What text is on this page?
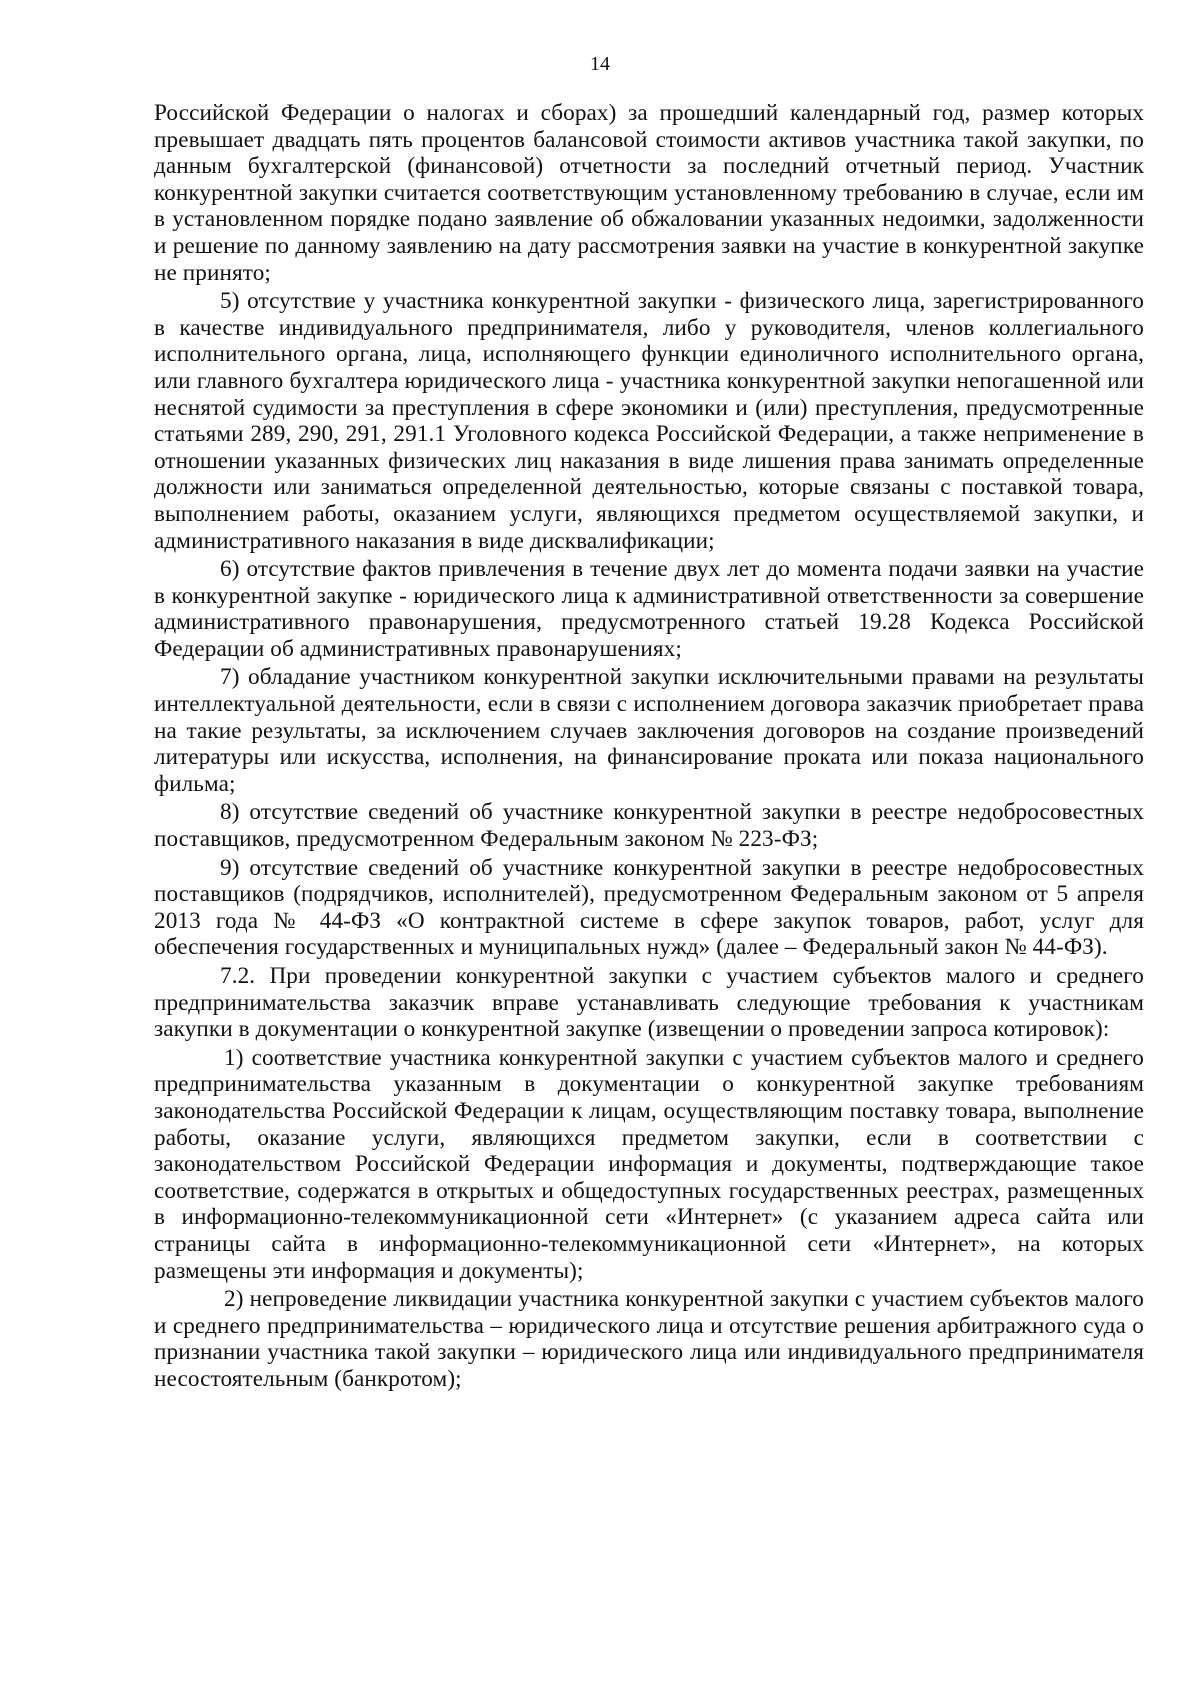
14

Российской Федерации о налогах и сборах) за прошедший календарный год, размер которых превышает двадцать пять процентов балансовой стоимости активов участника такой закупки, по данным бухгалтерской (финансовой) отчетности за последний отчетный период. Участник конкурентной закупки считается соответствующим установленному требованию в случае, если им в установленном порядке подано заявление об обжаловании указанных недоимки, задолженности и решение по данному заявлению на дату рассмотрения заявки на участие в конкурентной закупке не принято;

5) отсутствие у участника конкурентной закупки - физического лица, зарегистрированного в качестве индивидуального предпринимателя, либо у руководителя, членов коллегиального исполнительного органа, лица, исполняющего функции единоличного исполнительного органа, или главного бухгалтера юридического лица - участника конкурентной закупки непогашенной или неснятой судимости за преступления в сфере экономики и (или) преступления, предусмотренные статьями 289, 290, 291, 291.1 Уголовного кодекса Российской Федерации, а также неприменение в отношении указанных физических лиц наказания в виде лишения права занимать определенные должности или заниматься определенной деятельностью, которые связаны с поставкой товара, выполнением работы, оказанием услуги, являющихся предметом осуществляемой закупки, и административного наказания в виде дисквалификации;

6) отсутствие фактов привлечения в течение двух лет до момента подачи заявки на участие в конкурентной закупке - юридического лица к административной ответственности за совершение административного правонарушения, предусмотренного статьей 19.28 Кодекса Российской Федерации об административных правонарушениях;

7) обладание участником конкурентной закупки исключительными правами на результаты интеллектуальной деятельности, если в связи с исполнением договора заказчик приобретает права на такие результаты, за исключением случаев заключения договоров на создание произведений литературы или искусства, исполнения, на финансирование проката или показа национального фильма;

8) отсутствие сведений об участнике конкурентной закупки в реестре недобросовестных поставщиков, предусмотренном Федеральным законом № 223-ФЗ;

9) отсутствие сведений об участнике конкурентной закупки в реестре недобросовестных поставщиков (подрядчиков, исполнителей), предусмотренном Федеральным законом от 5 апреля 2013 года № 44-ФЗ «О контрактной системе в сфере закупок товаров, работ, услуг для обеспечения государственных и муниципальных нужд» (далее – Федеральный закон № 44-ФЗ).

7.2. При проведении конкурентной закупки с участием субъектов малого и среднего предпринимательства заказчик вправе устанавливать следующие требования к участникам закупки в документации о конкурентной закупке (извещении о проведении запроса котировок):

1) соответствие участника конкурентной закупки с участием субъектов малого и среднего предпринимательства указанным в документации о конкурентной закупке требованиям законодательства Российской Федерации к лицам, осуществляющим поставку товара, выполнение работы, оказание услуги, являющихся предметом закупки, если в соответствии с законодательством Российской Федерации информация и документы, подтверждающие такое соответствие, содержатся в открытых и общедоступных государственных реестрах, размещенных в информационно-телекоммуникационной сети «Интернет» (с указанием адреса сайта или страницы сайта в информационно-телекоммуникационной сети «Интернет», на которых размещены эти информация и документы);

2) непроведение ликвидации участника конкурентной закупки с участием субъектов малого и среднего предпринимательства – юридического лица и отсутствие решения арбитражного суда о признании участника такой закупки – юридического лица или индивидуального предпринимателя несостоятельным (банкротом);
